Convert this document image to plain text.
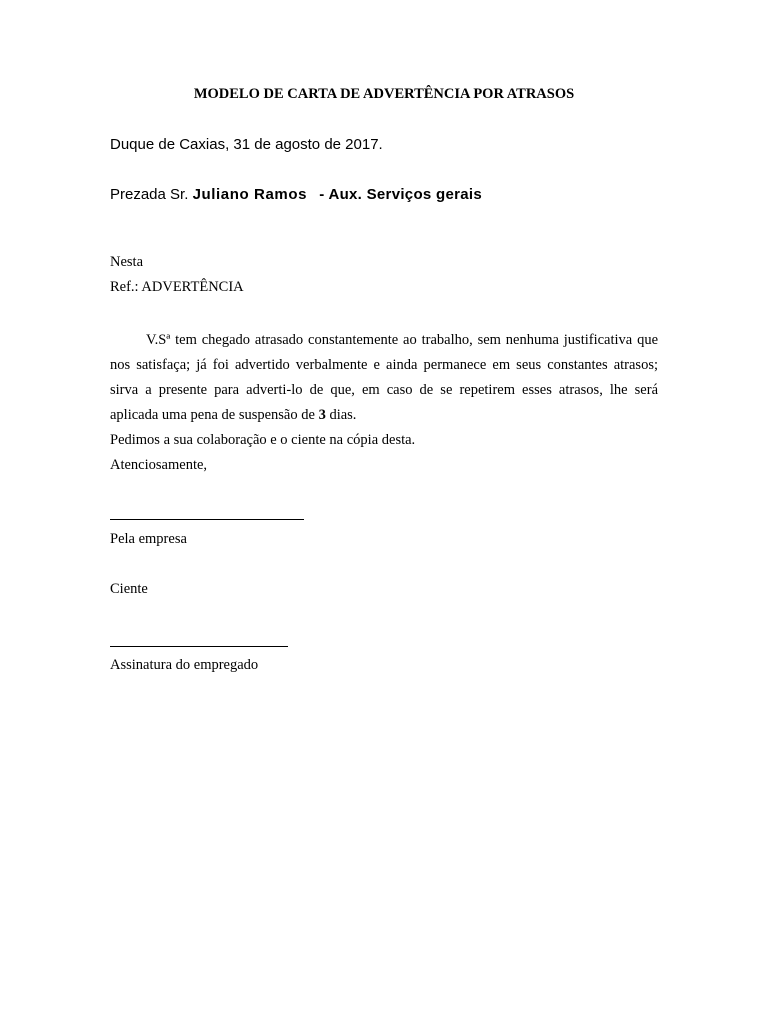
MODELO DE CARTA DE ADVERTÊNCIA POR ATRASOS
Duque de Caxias, 31 de agosto de 2017.
Prezada Sr. Juliano Ramos - Aux. Serviços gerais
Nesta
Ref.: ADVERTÊNCIA
V.Sª tem chegado atrasado constantemente ao trabalho, sem nenhuma justificativa que nos satisfaça; já foi advertido verbalmente e ainda permanece em seus constantes atrasos; sirva a presente para adverti-lo de que, em caso de se repetirem esses atrasos, lhe será aplicada uma pena de suspensão de 3 dias.
Pedimos a sua colaboração e o ciente na cópia desta.
Atenciosamente,
Pela empresa
Ciente
Assinatura do empregado
